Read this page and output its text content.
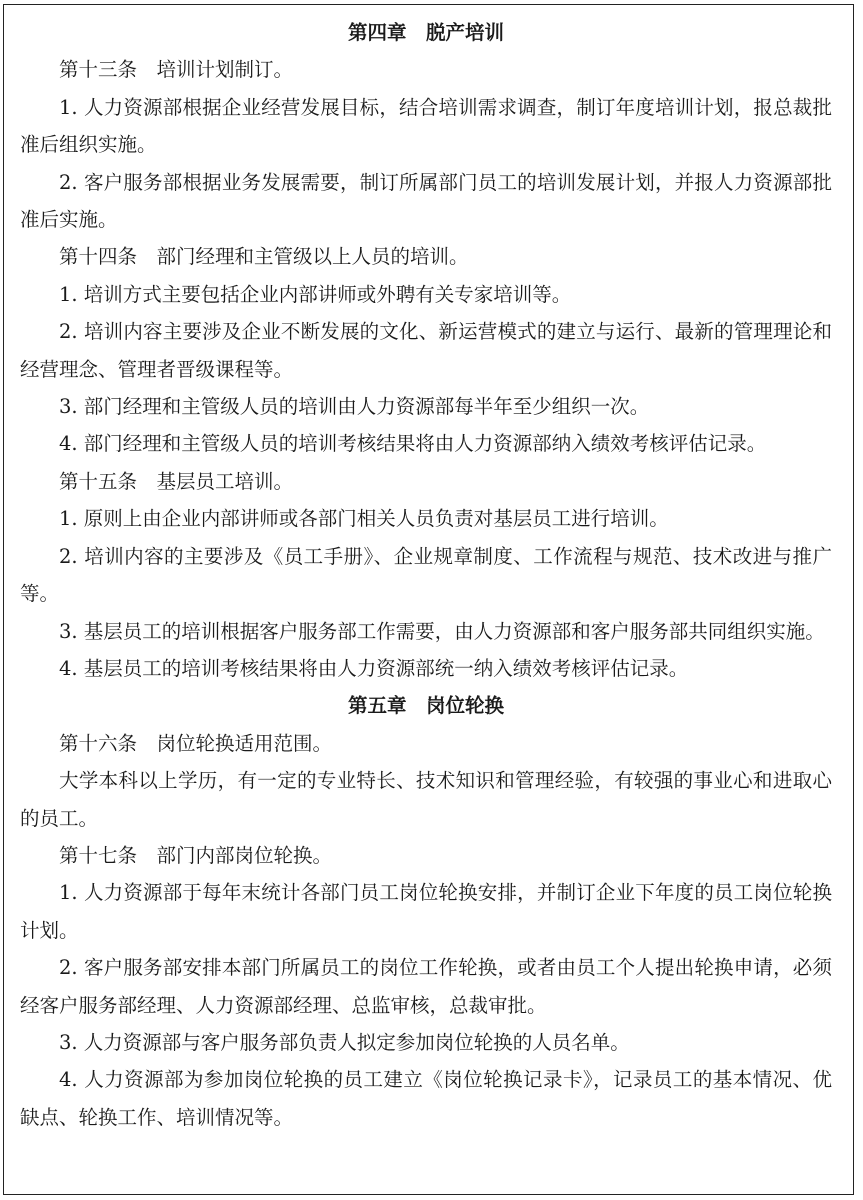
第四章　脱产培训

第十三条　培训计划制订。

1. 人力资源部根据企业经营发展目标，结合培训需求调查，制订年度培训计划，报总裁批准后组织实施。

2. 客户服务部根据业务发展需要，制订所属部门员工的培训发展计划，并报人力资源部批准后实施。

第十四条　部门经理和主管级以上人员的培训。

1. 培训方式主要包括企业内部讲师或外聘有关专家培训等。

2. 培训内容主要涉及企业不断发展的文化、新运营模式的建立与运行、最新的管理理论和经营理念、管理者晋级课程等。

3. 部门经理和主管级人员的培训由人力资源部每半年至少组织一次。

4. 部门经理和主管级人员的培训考核结果将由人力资源部纳入绩效考核评估记录。

第十五条　基层员工培训。

1. 原则上由企业内部讲师或各部门相关人员负责对基层员工进行培训。

2. 培训内容的主要涉及《员工手册》、企业规章制度、工作流程与规范、技术改进与推广等。

3. 基层员工的培训根据客户服务部工作需要，由人力资源部和客户服务部共同组织实施。

4. 基层员工的培训考核结果将由人力资源部统一纳入绩效考核评估记录。

第五章　岗位轮换

第十六条　岗位轮换适用范围。

大学本科以上学历，有一定的专业特长、技术知识和管理经验，有较强的事业心和进取心的员工。

第十七条　部门内部岗位轮换。

1. 人力资源部于每年末统计各部门员工岗位轮换安排，并制订企业下年度的员工岗位轮换计划。

2. 客户服务部安排本部门所属员工的岗位工作轮换，或者由员工个人提出轮换申请，必须经客户服务部经理、人力资源部经理、总监审核，总裁审批。

3. 人力资源部与客户服务部负责人拟定参加岗位轮换的人员名单。

4. 人力资源部为参加岗位轮换的员工建立《岗位轮换记录卡》，记录员工的基本情况、优缺点、轮换工作、培训情况等。
